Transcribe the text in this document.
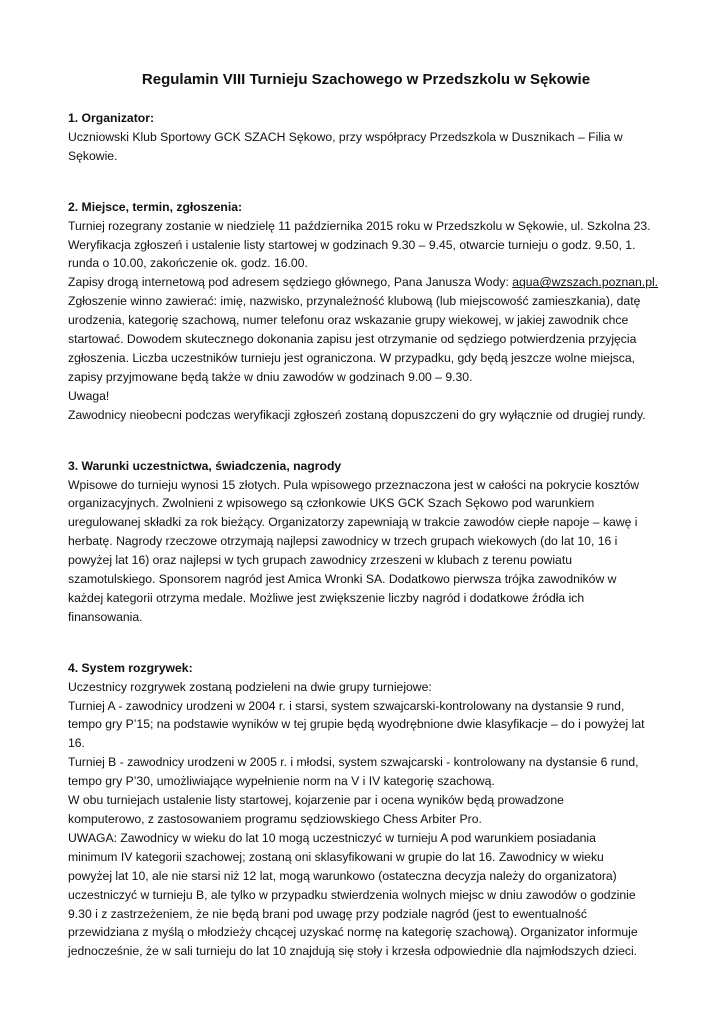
Regulamin VIII Turnieju Szachowego w Przedszkolu w Sękowie

1. Organizator:

Uczniowski Klub Sportowy GCK SZACH Sękowo, przy współpracy Przedszkola w Dusznikach – Filia w
Sękowie.

2. Miejsce, termin, zgłoszenia:

Turniej rozegrany zostanie w niedzielę 11 października 2015 roku w Przedszkolu w Sękowie, ul. Szkolna 23.
Weryfikacja zgłoszeń i ustalenie listy startowej w godzinach 9.30 – 9.45, otwarcie turnieju o godz. 9.50, 1.
runda o 10.00, zakończenie ok. godz. 16.00.
Zapisy drogą internetową pod adresem sędziego głównego, Pana Janusza Wody: aqua@wzszach.poznan.pl.
Zgłoszenie winno zawierać: imię, nazwisko, przynależność klubową (lub miejscowość zamieszkania), datę
urodzenia, kategorię szachową, numer telefonu oraz wskazanie grupy wiekowej, w jakiej zawodnik chce
startować. Dowodem skutecznego dokonania zapisu jest otrzymanie od sędziego potwierdzenia przyjęcia
zgłoszenia. Liczba uczestników turnieju jest ograniczona. W przypadku, gdy będą jeszcze wolne miejsca,
zapisy przyjmowane będą także w dniu zawodów w godzinach 9.00 – 9.30.
Uwaga!
Zawodnicy nieobecni podczas weryfikacji zgłoszeń zostaną dopuszczeni do gry wyłącznie od drugiej rundy.

3. Warunki uczestnictwa, świadczenia, nagrody

Wpisowe do turnieju wynosi 15 złotych. Pula wpisowego przeznaczona jest w całości na pokrycie kosztów
organizacyjnych. Zwolnieni z wpisowego są członkowie UKS GCK Szach Sękowo pod warunkiem
uregulowanej składki za rok bieżący. Organizatorzy zapewniają w trakcie zawodów ciepłe napoje – kawę i
herbatę. Nagrody rzeczowe otrzymają najlepsi zawodnicy w trzech grupach wiekowych (do lat 10, 16 i
powyżej lat 16) oraz najlepsi w tych grupach zawodnicy zrzeszeni w klubach z terenu powiatu
szamotulskiego. Sponsorem nagród jest Amica Wronki SA. Dodatkowo pierwsza trójka zawodników w
każdej kategorii otrzyma medale. Możliwe jest zwiększenie liczby nagród i dodatkowe źródła ich
finansowania.

4. System rozgrywek:

Uczestnicy rozgrywek zostaną podzieleni na dwie grupy turniejowe:
Turniej A - zawodnicy urodzeni w 2004 r. i starsi, system szwajcarski-kontrolowany na dystansie 9 rund,
tempo gry P’15; na podstawie wyników w tej grupie będą wyodrębnione dwie klasyfikacje – do i powyżej lat
16.
Turniej B - zawodnicy urodzeni w 2005 r. i młodsi, system szwajcarski - kontrolowany na dystansie 6 rund,
tempo gry P’30, umożliwiające wypełnienie norm na V i IV kategorię szachową.
W obu turniejach ustalenie listy startowej, kojarzenie par i ocena wyników będą prowadzone
komputerowo, z zastosowaniem programu sędziowskiego Chess Arbiter Pro.
UWAGA: Zawodnicy w wieku do lat 10 mogą uczestniczyć w turnieju A pod warunkiem posiadania
minimum IV kategorii szachowej; zostaną oni sklasyfikowani w grupie do lat 16. Zawodnicy w wieku
powyżej lat 10, ale nie starsi niż 12 lat, mogą warunkowo (ostateczna decyzja należy do organizatora)
uczestniczyć w turnieju B, ale tylko w przypadku stwierdzenia wolnych miejsc w dniu zawodów o godzinie
9.30 i z zastrzeżeniem, że nie będą brani pod uwagę przy podziale nagród (jest to ewentualność
przewidziana z myślą o młodzieży chcącej uzyskać normę na kategorię szachową). Organizator informuje
jednocześnie, że w sali turnieju do lat 10 znajdują się stoły i krzesła odpowiednie dla najmłodszych dzieci.
